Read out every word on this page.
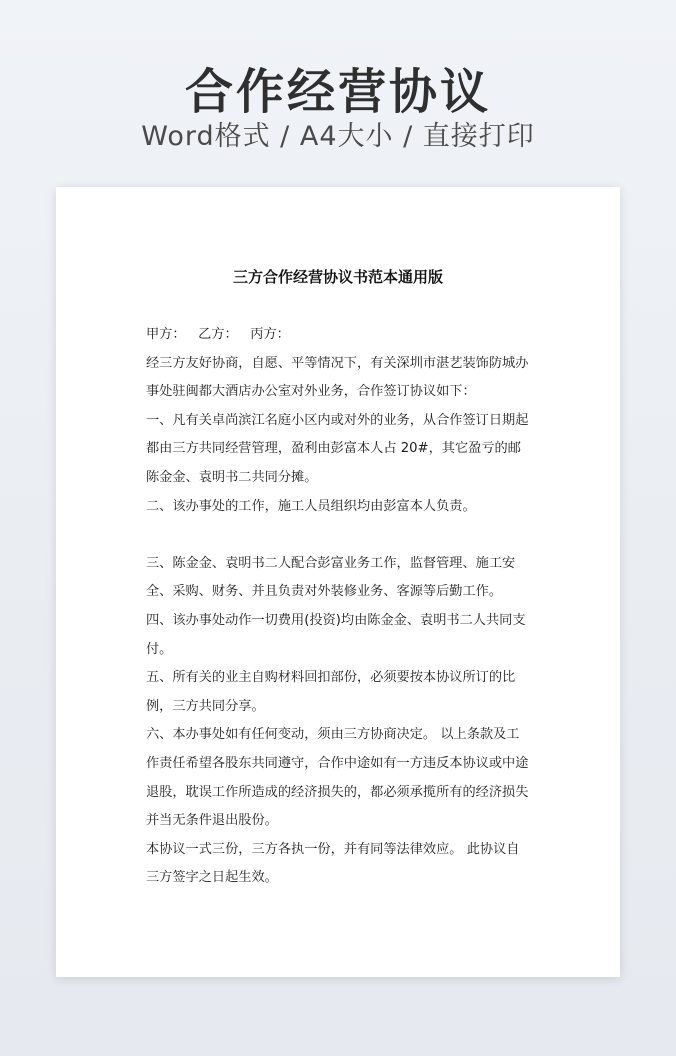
合作经营协议
Word格式 / A4大小 / 直接打印
三方合作经营协议书范本通用版

甲方：   乙方：   丙方：

经三方友好协商，自愿、平等情况下，有关深圳市湛艺装饰防城办事处驻闽都大酒店办公室对外业务，合作签订协议如下：

一、凡有关卓尚滨江名庭小区内或对外的业务，从合作签订日期起都由三方共同经营管理，盈利由彭富本人占 20#，其它盈亏的邮陈金金、袁明书二共同分摊。

二、该办事处的工作，施工人员组织均由彭富本人负责。

三、陈金金、袁明书二人配合彭富业务工作，监督管理、施工安全、采购、财务、并且负责对外装修业务、客源等后勤工作。

四、该办事处动作一切费用(投资)均由陈金金、袁明书二人共同支付。

五、所有关的业主自购材料回扣部份，必须要按本协议所订的比例，三方共同分享。

六、本办事处如有任何变动，须由三方协商决定。 以上条款及工作责任希望各股东共同遵守，合作中途如有一方违反本协议或中途退股，耽误工作所造成的经济损失的，都必须承揽所有的经济损失并当无条件退出股份。

本协议一式三份，三方各执一份，并有同等法律效应。 此协议自三方签字之日起生效。
